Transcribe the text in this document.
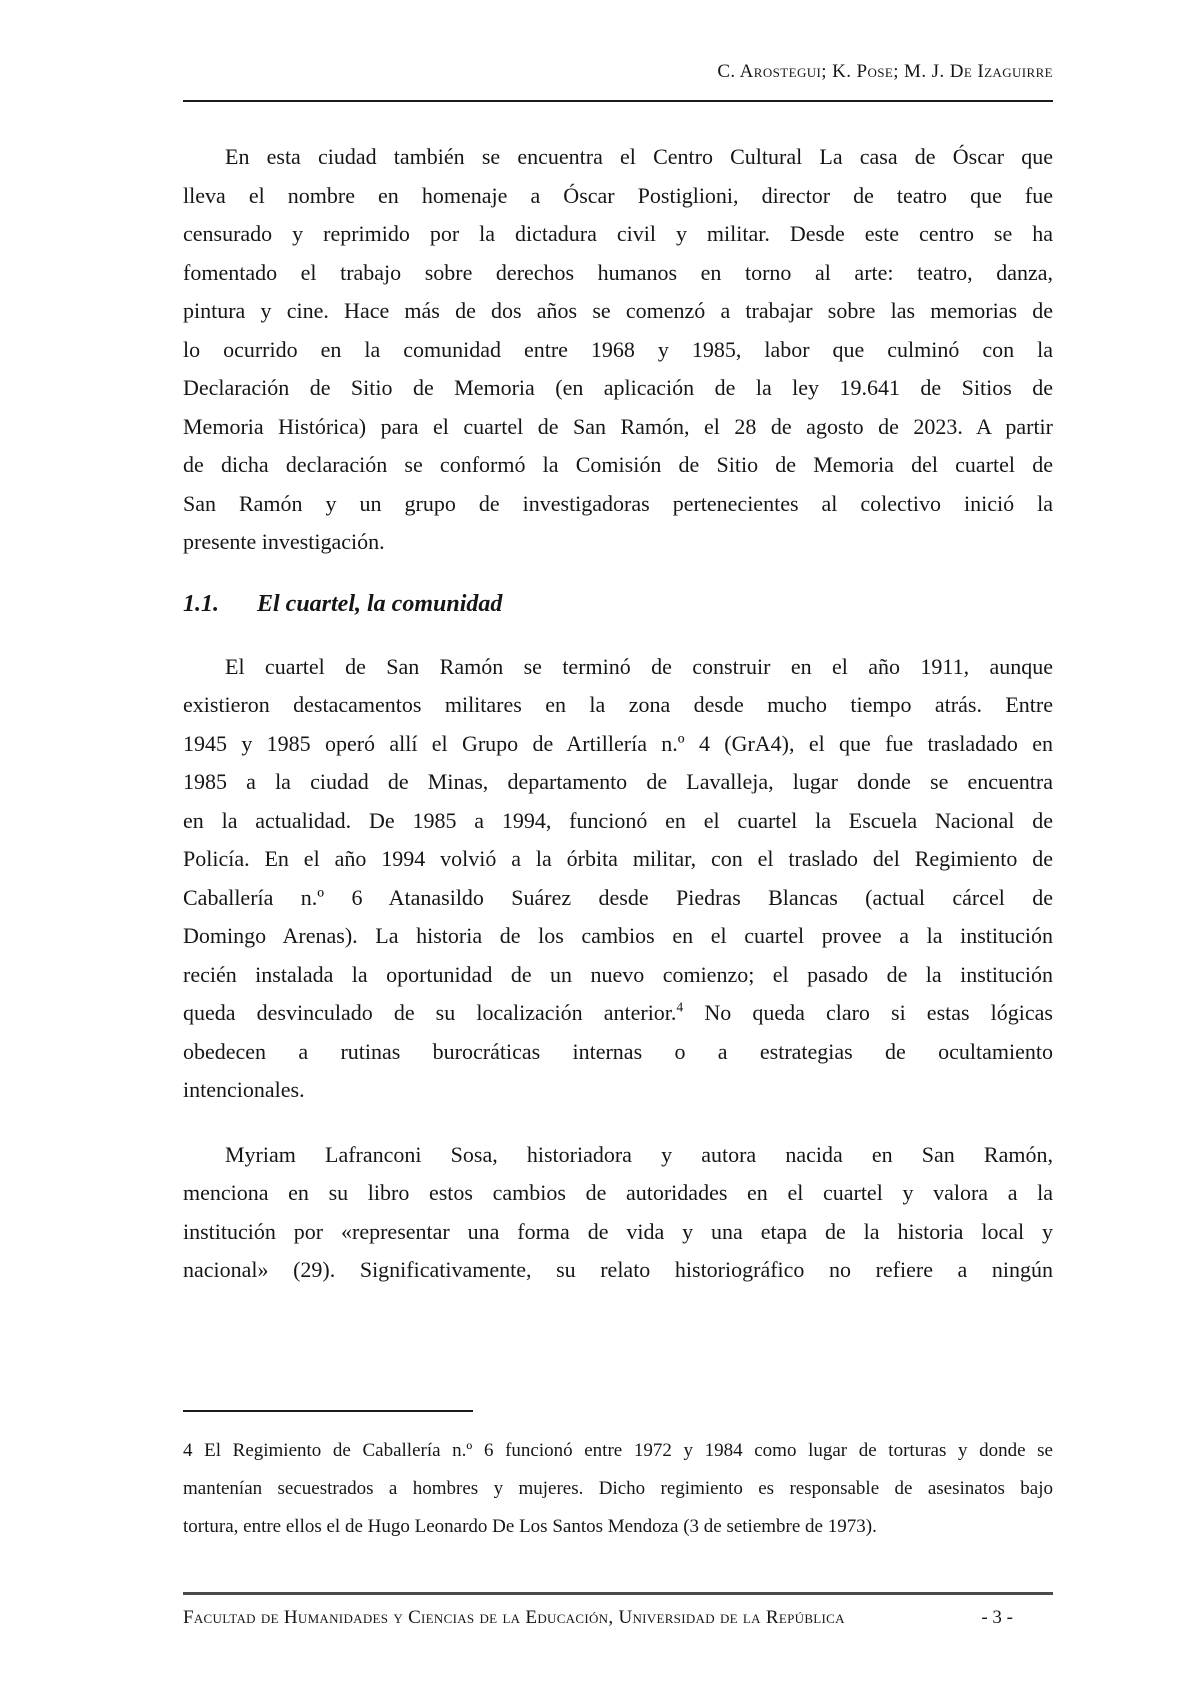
C. Arostegui; K. Pose; M. J. De Izaguirre
En esta ciudad también se encuentra el Centro Cultural La casa de Óscar que
lleva el nombre en homenaje a Óscar Postiglioni, director de teatro que fue
censurado y reprimido por la dictadura civil y militar. Desde este centro se ha
fomentado el trabajo sobre derechos humanos en torno al arte: teatro, danza,
pintura y cine. Hace más de dos años se comenzó a trabajar sobre las memorias de
lo ocurrido en la comunidad entre 1968 y 1985, labor que culminó con la
Declaración de Sitio de Memoria (en aplicación de la ley 19.641 de Sitios de
Memoria Histórica) para el cuartel de San Ramón, el 28 de agosto de 2023. A partir
de dicha declaración se conformó la Comisión de Sitio de Memoria del cuartel de
San Ramón y un grupo de investigadoras pertenecientes al colectivo inició la
presente investigación.
1.1. El cuartel, la comunidad
El cuartel de San Ramón se terminó de construir en el año 1911, aunque
existieron destacamentos militares en la zona desde mucho tiempo atrás. Entre
1945 y 1985 operó allí el Grupo de Artillería n.º 4 (GrA4), el que fue trasladado en
1985 a la ciudad de Minas, departamento de Lavalleja, lugar donde se encuentra
en la actualidad. De 1985 a 1994, funcionó en el cuartel la Escuela Nacional de
Policía. En el año 1994 volvió a la órbita militar, con el traslado del Regimiento de
Caballería n.º 6 Atanasildo Suárez desde Piedras Blancas (actual cárcel de
Domingo Arenas). La historia de los cambios en el cuartel provee a la institución
recién instalada la oportunidad de un nuevo comienzo; el pasado de la institución
queda desvinculado de su localización anterior.$^4$ No queda claro si estas lógicas
obedecen a rutinas burocráticas internas o a estrategias de ocultamiento
intencionales.
Myriam Lafranconi Sosa, historiadora y autora nacida en San Ramón,
menciona en su libro estos cambios de autoridades en el cuartel y valora a la
institución por «representar una forma de vida y una etapa de la historia local y
nacional» (29). Significativamente, su relato historiográfico no refiere a ningún
4 El Regimiento de Caballería n.º 6 funcionó entre 1972 y 1984 como lugar de torturas y donde se
mantenían secuestrados a hombres y mujeres. Dicho regimiento es responsable de asesinatos bajo
tortura, entre ellos el de Hugo Leonardo De Los Santos Mendoza (3 de setiembre de 1973).
Facultad de Humanidades y Ciencias de la Educación, Universidad de la República	- 3 -
